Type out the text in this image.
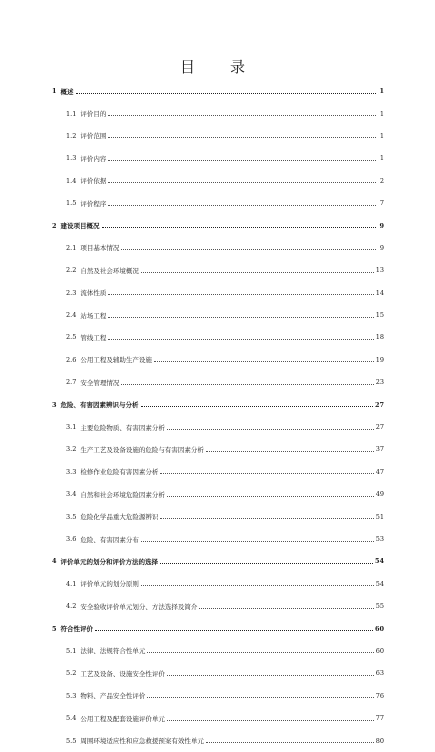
目　录
1 概述	1
1.1 评价目的	1
1.2 评价范围	1
1.3 评价内容	1
1.4 评价依据	2
1.5 评价程序	7
2 建设项目概况	9
2.1 项目基本情况	9
2.2 自然及社会环境概况	13
2.3 流体性质	14
2.4 站场工程	15
2.5 管线工程	18
2.6 公用工程及辅助生产设施	19
2.7 安全管理情况	23
3 危险、有害因素辨识与分析	27
3.1 主要危险物质、有害因素分析	27
3.2 生产工艺及设备设施的危险与有害因素分析	37
3.3 检修作业危险有害因素分析	47
3.4 自然和社会环境危险因素分析	49
3.5 危险化学品重大危险源辨识	51
3.6 危险、有害因素分布	53
4 评价单元的划分和评价方法的选择	54
4.1 评价单元的划分原则	54
4.2 安全验收评价单元划分、方法选择及简介	55
5 符合性评价	60
5.1 法律、法规符合性单元	60
5.2 工艺及设备、设施安全性评价	63
5.3 物料、产品安全性评价	76
5.4 公用工程及配套设施评价单元	77
5.5 周围环境适应性和应急救援预案有效性单元	80
